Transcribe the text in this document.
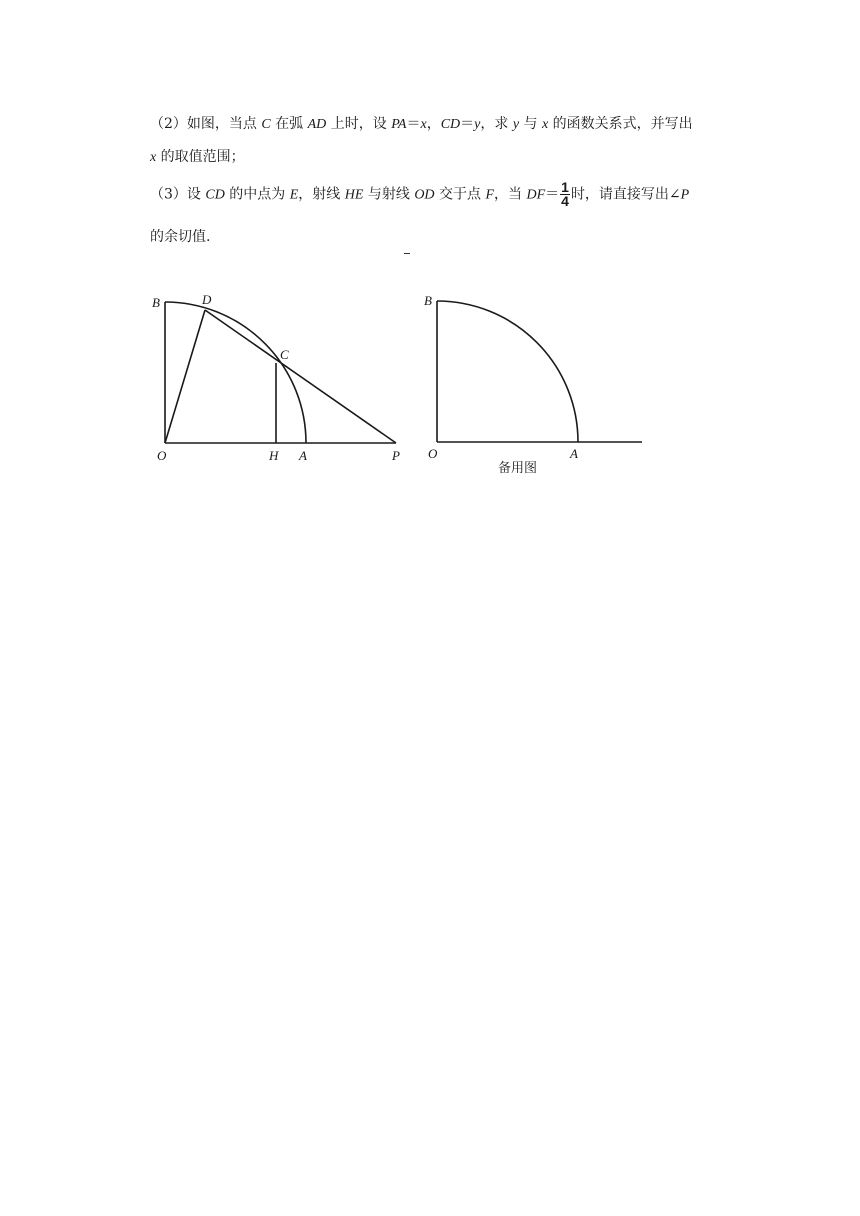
（2）如图，当点 C 在弧 AD 上时，设 PA＝x，CD＝y，求 y 与 x 的函数关系式，并写出
x 的取值范围；
（3）设 CD 的中点为 E，射线 HE 与射线 OD 交于点 F，当 $DF= \frac{1}{4}$ 时，请直接写出∠P
的余切值.
B	D
C
O	H A	P
B
O	A
备用图
